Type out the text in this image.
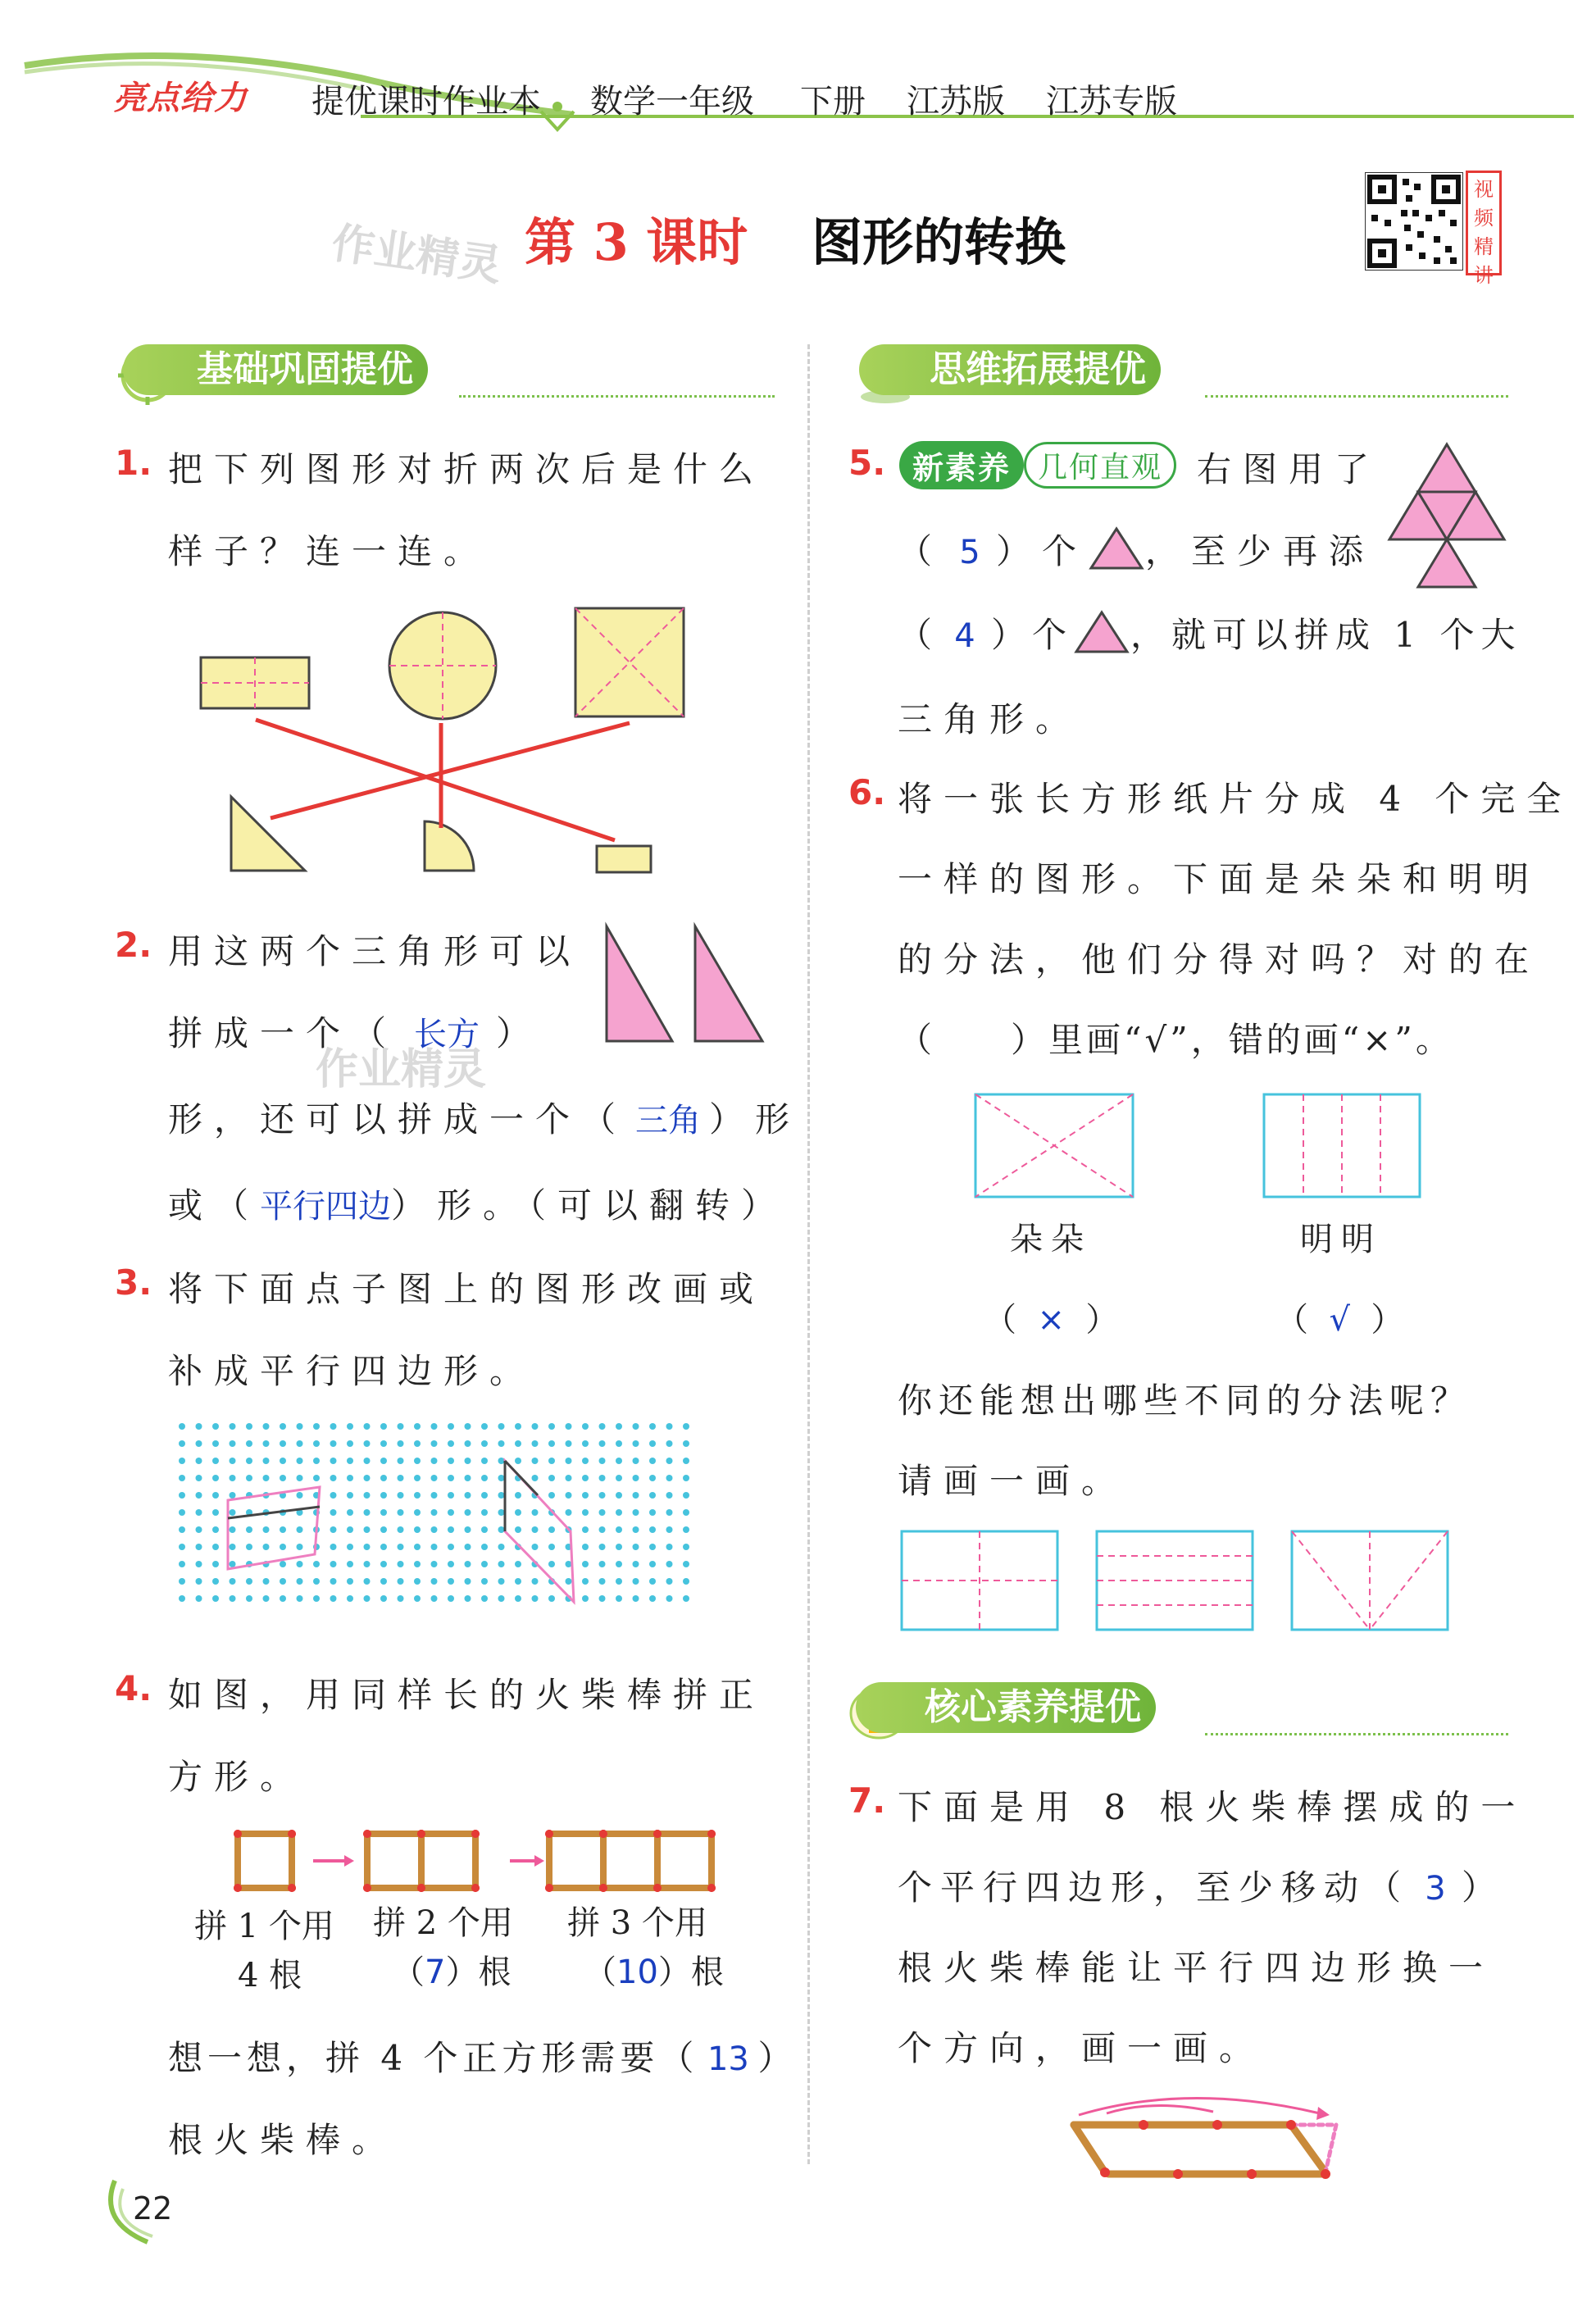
亮点给力 提优课时作业本 数学一年级 下册 江苏版 江苏专版
作业精灵 第 3 课时 图形的转换
视
频
精
讲
基础巩固提优
1. 把下列图形对折两次后是什么
样子？连一连。
2. 用这两个三角形可以
拼成一个（ 长方 ）
形，还可以拼成一个（ 三角 ）形
或（平行四边）形。（可以翻转）
作业精灵
3. 将下面点子图上的图形改画或
补成平行四边形。
4. 如图，用同样长的火柴棒拼正
方形。
拼 1 个用
4 根
拼 2 个用
（7）根
拼 3 个用
（10）根
想一想，拼 4 个正方形需要（ 13 ）
根火柴棒。
22
思维拓展提优
5. 新素养 几何直观 右图用了
（ 5 ）个 ，至少再添
（ 4 ）个 ，就可以拼成 1 个大
三角形。
6. 将一张长方形纸片分成 4 个完全
一样的图形。下面是朵朵和明明
的分法，他们分得对吗？对的在
（　　）里画“√”，错的画“×”。
朵朵	明明
（  ×  ）	（  √  ）
你还能想出哪些不同的分法呢？
请画一画。
核心素养提优
7. 下面是用 8 根火柴棒摆成的一
个平行四边形，至少移动（ 3 ）
根火柴棒能让平行四边形换一
个方向，画一画。
